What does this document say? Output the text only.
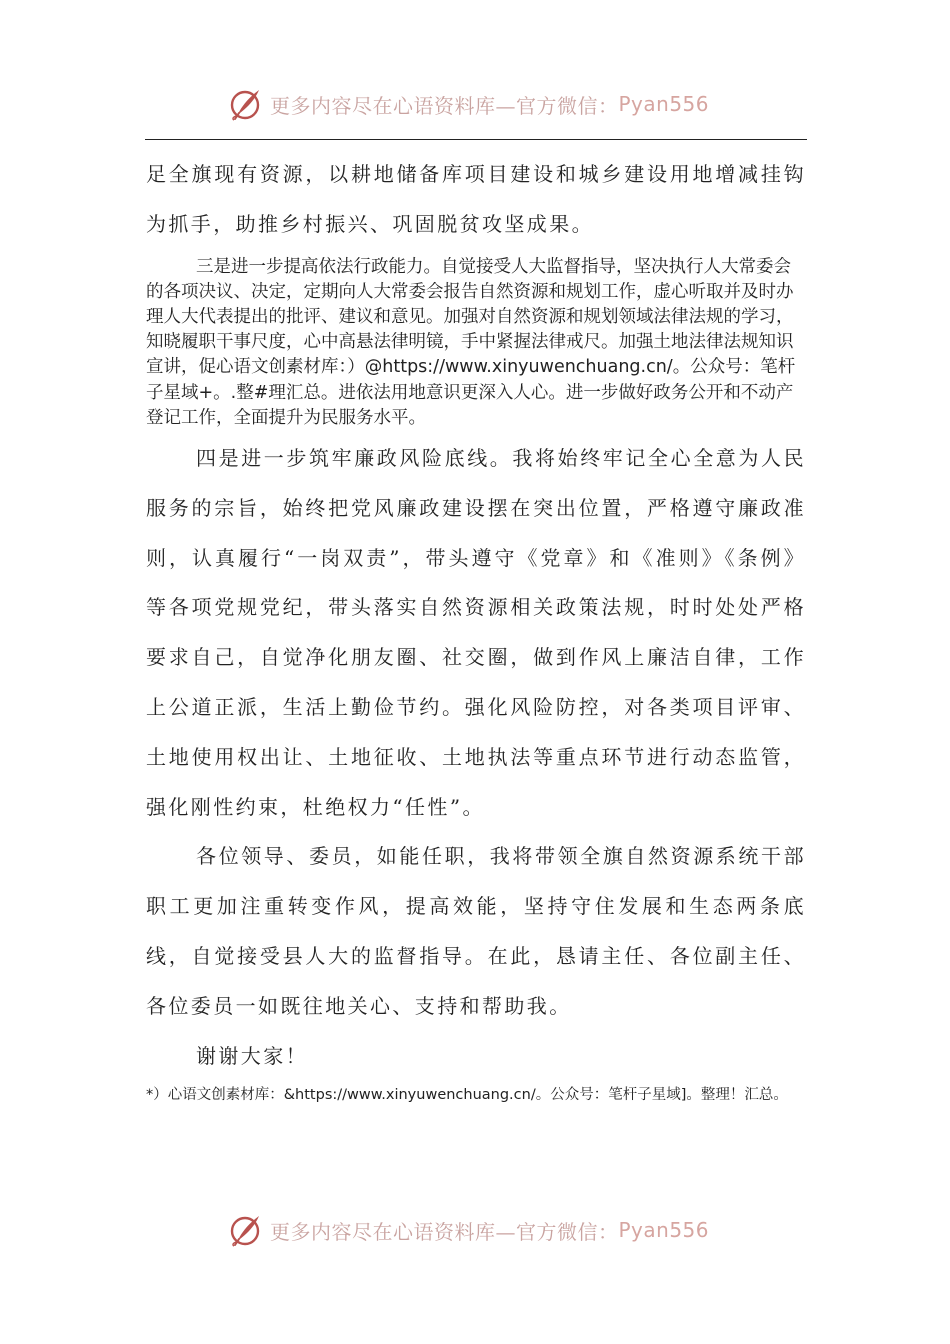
更多内容尽在心语资料库—官方微信： Pyan556

足全旗现有资源，以耕地储备库项目建设和城乡建设用地增减挂钩为抓手，助推乡村振兴、巩固脱贫攻坚成果。

三是进一步提高依法行政能力。自觉接受人大监督指导，坚决执行人大常委会的各项决议、决定，定期向人大常委会报告自然资源和规划工作，虚心听取并及时办理人大代表提出的批评、建议和意见。加强对自然资源和规划领域法律法规的学习，知晓履职干事尺度，心中高悬法律明镜，手中紧握法律戒尺。加强土地法律法规知识宣讲，促心语文创素材库：）@https://www.xinyuwenchuang.cn/。公众号：笔杆子星域+。.整#理汇总。进依法用地意识更深入人心。进一步做好政务公开和不动产登记工作，全面提升为民服务水平。

四是进一步筑牢廉政风险底线。我将始终牢记全心全意为人民服务的宗旨，始终把党风廉政建设摆在突出位置，严格遵守廉政准则，认真履行“一岗双责”，带头遵守《党章》和《准则》《条例》等各项党规党纪，带头落实自然资源相关政策法规，时时处处严格要求自己，自觉净化朋友圈、社交圈，做到作风上廉洁自律，工作上公道正派，生活上勤俭节约。强化风险防控，对各类项目评审、土地使用权出让、土地征收、土地执法等重点环节进行动态监管，强化刚性约束，杜绝权力“任性”。

各位领导、委员，如能任职，我将带领全旗自然资源系统干部职工更加注重转变作风，提高效能，坚持守住发展和生态两条底线，自觉接受县人大的监督指导。在此，恳请主任、各位副主任、各位委员一如既往地关心、支持和帮助我。

谢谢大家！

*）心语文创素材库：&https://www.xinyuwenchuang.cn/。公众号：笔杆子星域]。整理！汇总。

更多内容尽在心语资料库—官方微信： Pyan556
